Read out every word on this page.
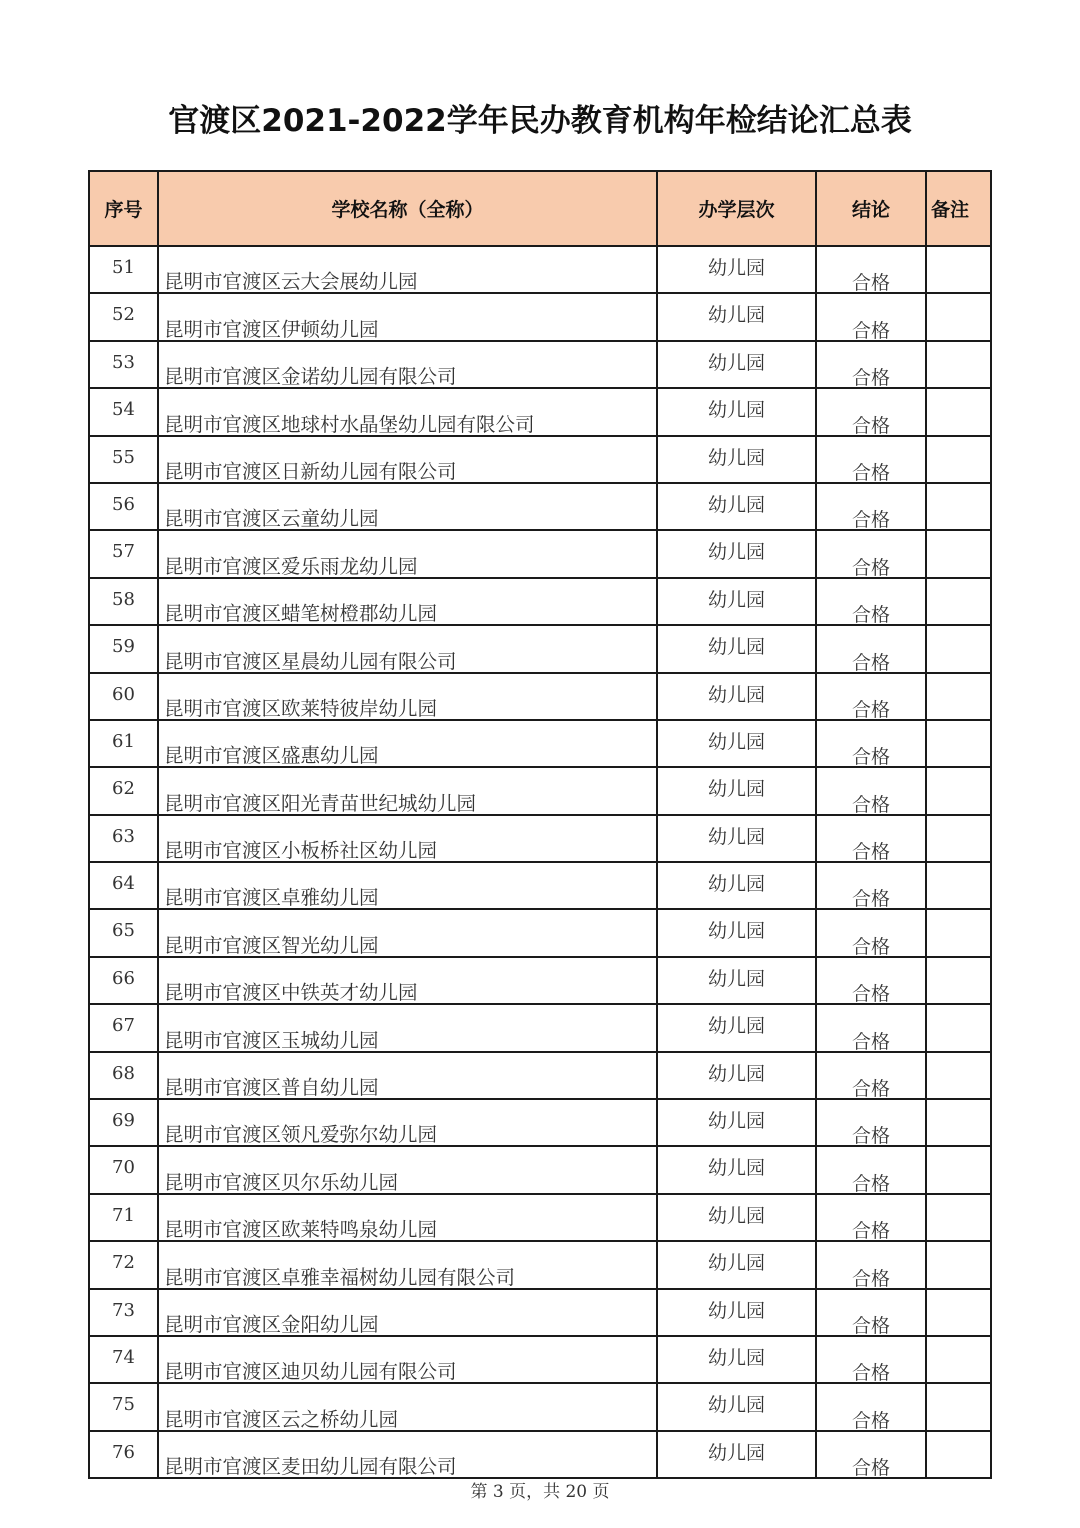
官渡区2021-2022学年民办教育机构年检结论汇总表
序号	学校名称（全称）	办学层次	结论	备注

51	昆明市官渡区云大会展幼儿园	幼儿园	合格	

52	昆明市官渡区伊顿幼儿园	幼儿园	合格	

53	昆明市官渡区金诺幼儿园有限公司	幼儿园	合格	

54	昆明市官渡区地球村水晶堡幼儿园有限公司	幼儿园	合格	

55	昆明市官渡区日新幼儿园有限公司	幼儿园	合格	

56	昆明市官渡区云童幼儿园	幼儿园	合格	

57	昆明市官渡区爱乐雨龙幼儿园	幼儿园	合格	

58	昆明市官渡区蜡笔树橙郡幼儿园	幼儿园	合格	

59	昆明市官渡区星晨幼儿园有限公司	幼儿园	合格	

60	昆明市官渡区欧莱特彼岸幼儿园	幼儿园	合格	

61	昆明市官渡区盛惠幼儿园	幼儿园	合格	

62	昆明市官渡区阳光青苗世纪城幼儿园	幼儿园	合格	

63	昆明市官渡区小板桥社区幼儿园	幼儿园	合格	

64	昆明市官渡区卓雅幼儿园	幼儿园	合格	

65	昆明市官渡区智光幼儿园	幼儿园	合格	

66	昆明市官渡区中铁英才幼儿园	幼儿园	合格	

67	昆明市官渡区玉城幼儿园	幼儿园	合格	

68	昆明市官渡区普自幼儿园	幼儿园	合格	

69	昆明市官渡区领凡爱弥尔幼儿园	幼儿园	合格	

70	昆明市官渡区贝尔乐幼儿园	幼儿园	合格	

71	昆明市官渡区欧莱特鸣泉幼儿园	幼儿园	合格	

72	昆明市官渡区卓雅幸福树幼儿园有限公司	幼儿园	合格	

73	昆明市官渡区金阳幼儿园	幼儿园	合格	

74	昆明市官渡区迪贝幼儿园有限公司	幼儿园	合格	

75	昆明市官渡区云之桥幼儿园	幼儿园	合格	

76	昆明市官渡区麦田幼儿园有限公司	幼儿园	合格	

第 3 页，共 20 页
